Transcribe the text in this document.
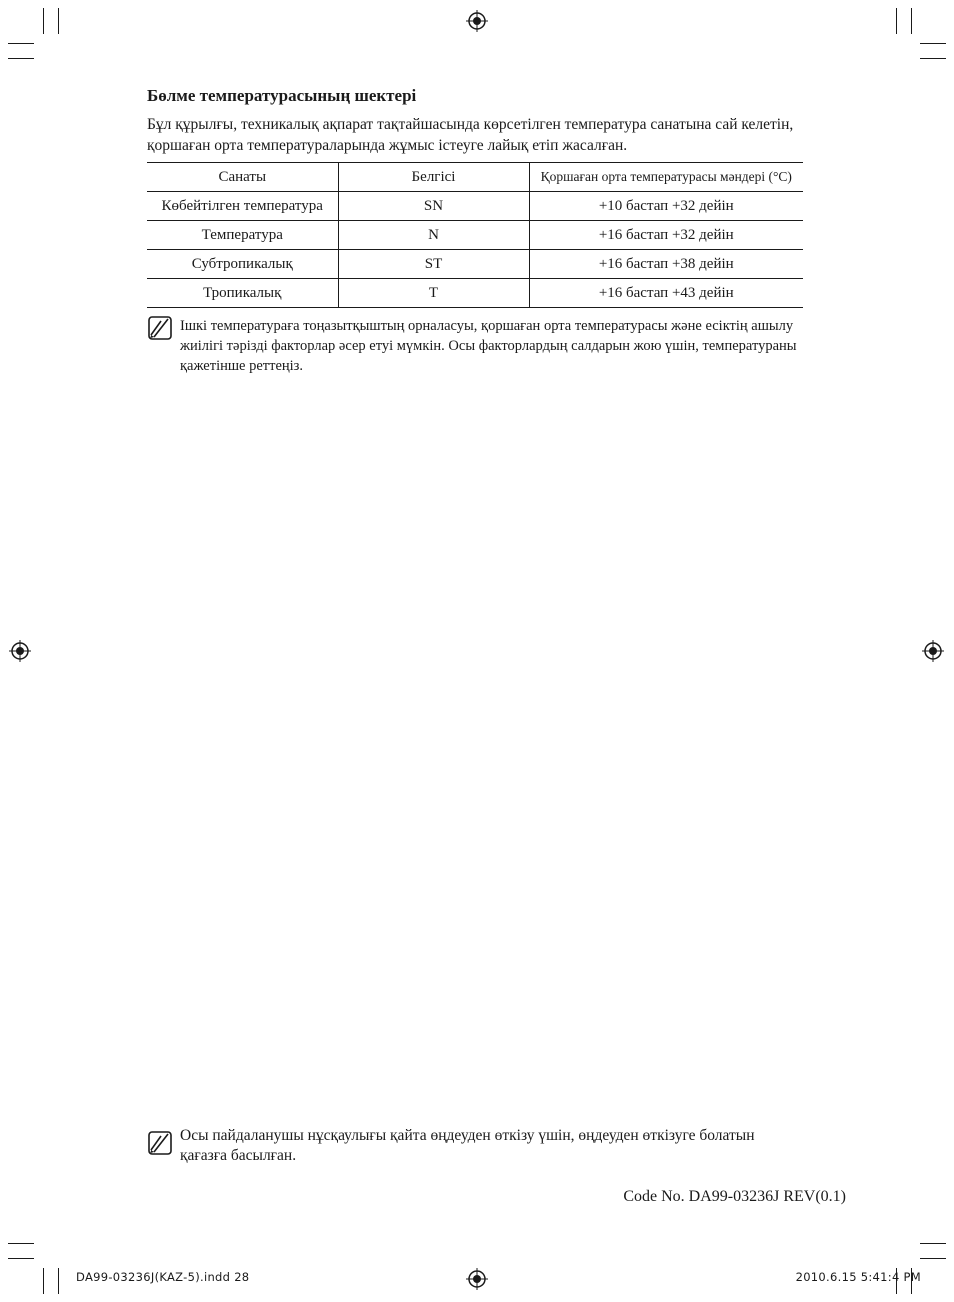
Бөлме температурасының шектері

Бұл құрылғы, техникалық ақпарат тақтайшасында көрсетілген температура санатына сай келетін, қоршаған орта температураларында жұмыс істеуге лайық етіп жасалған.

Санаты	Белгісі	Қоршаған орта температурасы мәндері (°C)
Көбейтілген температура	SN	+10 бастап +32 дейін
Температура	N	+16 бастап +32 дейін
Субтропикалық	ST	+16 бастап +38 дейін
Тропикалық	T	+16 бастап +43 дейін

Ішкі температураға тоңазытқыштың орналасуы, қоршаған орта температурасы және есіктің ашылу жиілігі тәрізді факторлар әсер етуі мүмкін. Осы факторлардың салдарын жою үшін, температураны қажетінше реттеңіз.

Осы пайдаланушы нұсқаулығы қайта өңдеуден өткізу үшін, өңдеуден өткізуге болатын қағазға басылған.

Code No. DA99-03236J REV(0.1)

DA99-03236J(KAZ-5).indd 28	2010.6.15 5:41:4 PM
